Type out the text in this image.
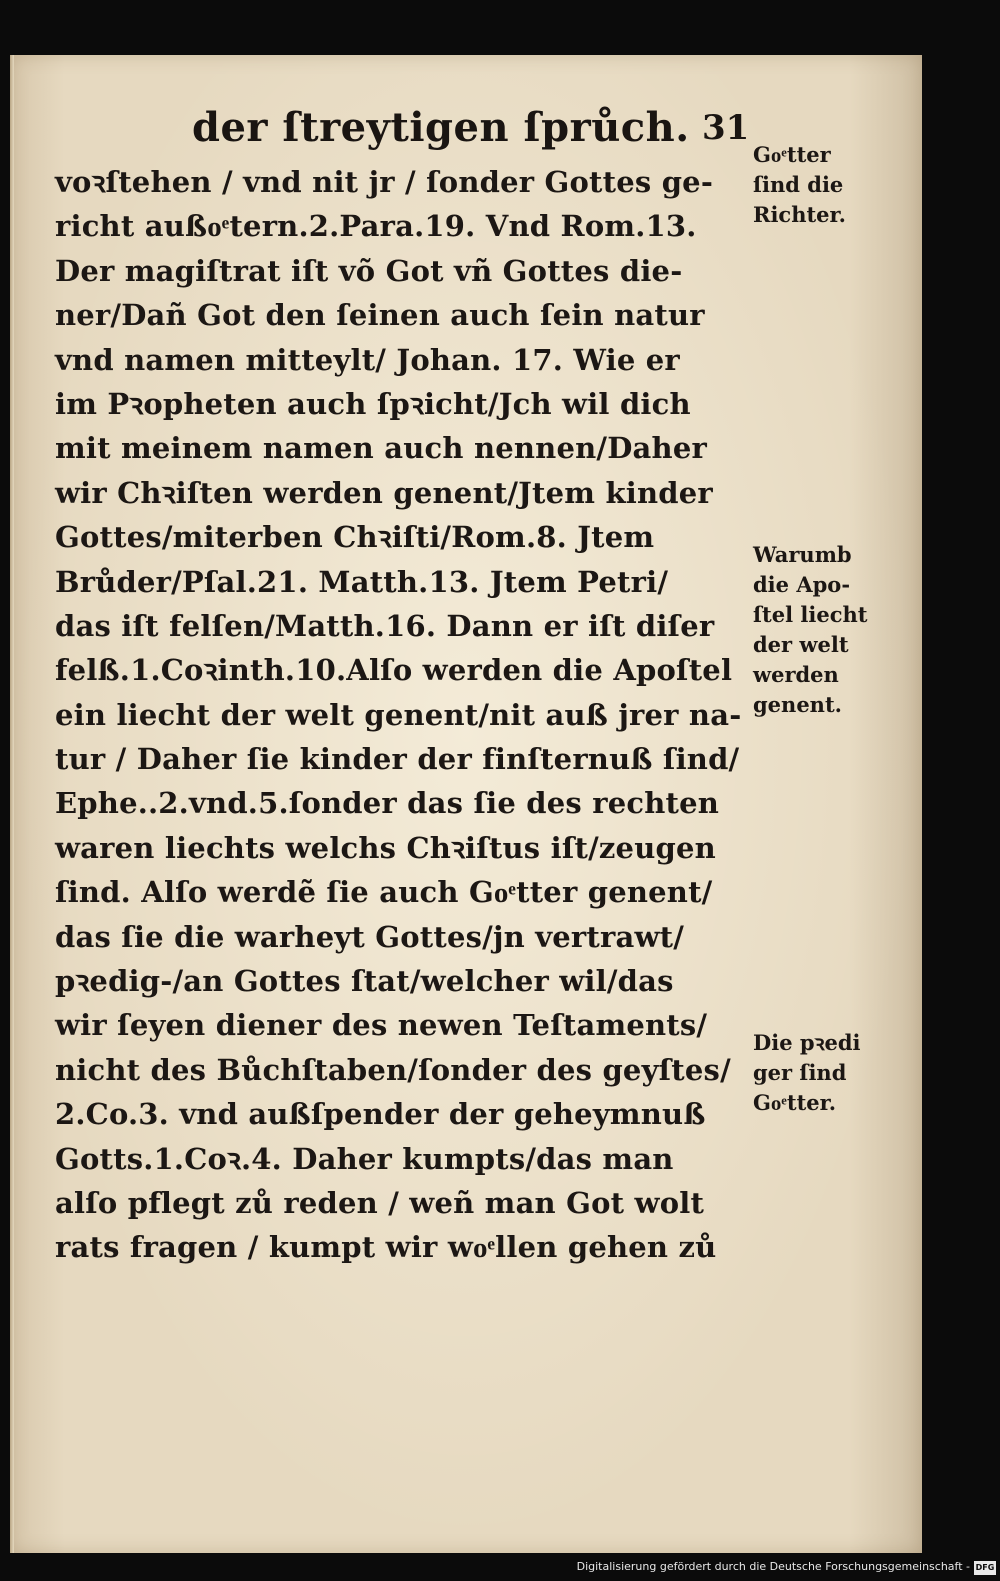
der ſtreytigen ſprůch. 31
voꝛſtehen / vnd nit jr / ſonder Gottes ge-
richt außoͤtern.2.Para.19. Vnd Rom.13.
Der magiſtrat iſt võ Got vñ Gottes die-
ner/Dañ Got den ſeinen auch ſein natur
vnd namen mitteylt/ Johan. 17. Wie er
im Pꝛopheten auch ſpꝛicht/Jch wil dich
mit meinem namen auch nennen/Daher
wir Chꝛiſten werden genent/Jtem kinder
Gottes/miterben Chꝛiſti/Rom.8. Jtem
Brůder/Pſal.21. Matth.13. Jtem Petri/
das iſt felſen/Matth.16. Dann er iſt diſer
felß.1.Coꝛinth.10.Alſo werden die Apoſtel
ein liecht der welt genent/nit auß jrer na-
tur / Daher ſie kinder der finſternuß ſind/
Ephe..2.vnd.5.ſonder das ſie des rechten
waren liechts welchs Chꝛiſtus iſt/zeugen
ſind. Alſo werdẽ ſie auch Goͤtter genent/
das ſie die warheyt Gottes/jn vertrawt/
pꝛedig-/an Gottes ſtat/welcher wil/das
wir ſeyen diener des newen Teſtaments/
nicht des Bůchſtaben/ſonder des geyſtes/
2.Co.3. vnd außſpender der geheymnuß
Gotts.1.Coꝛ.4. Daher kumpts/das man
alſo pflegt zů reden / weñ man Got wolt
rats fragen / kumpt wir woͤllen gehen zů
Goͤtter
ſind die
Richter.
Warumb
die Apo-
ſtel liecht
der welt
werden
genent.
Die pꝛedi
ger ſind
Goͤtter.
Digitalisierung gefördert durch die Deutsche Forschungsgemeinschaft - DFG
